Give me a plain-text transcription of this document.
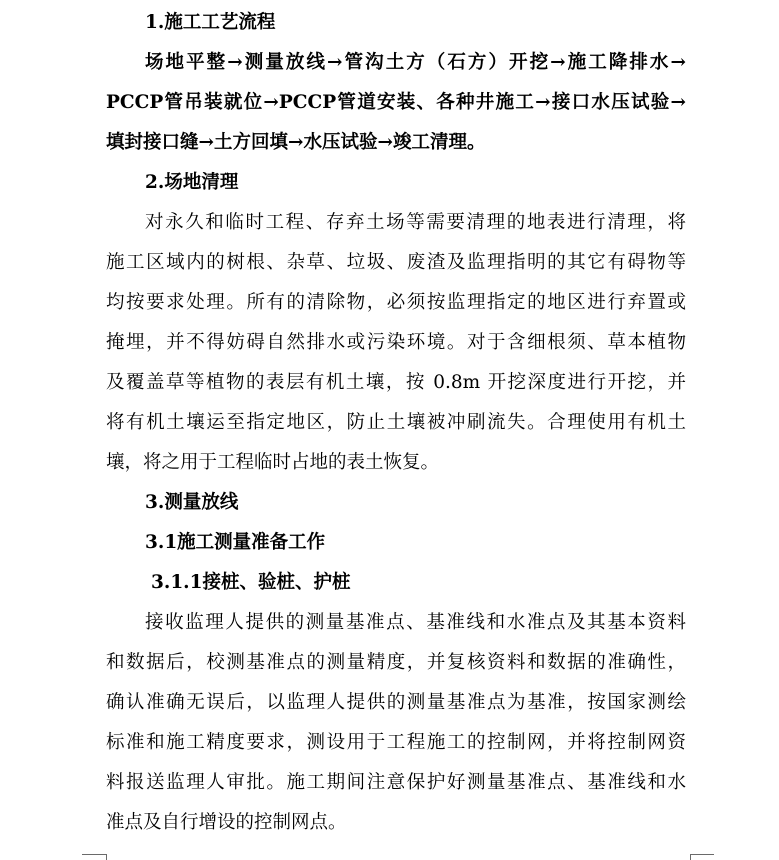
1.施工工艺流程
场地平整→测量放线→管沟土方（石方）开挖→施工降排水→
PCCP管吊装就位→PCCP管道安装、各种井施工→接口水压试验→
填封接口缝→土方回填→水压试验→竣工清理。
2.场地清理
对永久和临时工程、存弃土场等需要清理的地表进行清理，将
施工区域内的树根、杂草、垃圾、废渣及监理指明的其它有碍物等
均按要求处理。所有的清除物，必须按监理指定的地区进行弃置或
掩埋，并不得妨碍自然排水或污染环境。对于含细根须、草本植物
及覆盖草等植物的表层有机土壤，按 0.8m 开挖深度进行开挖，并
将有机土壤运至指定地区，防止土壤被冲刷流失。合理使用有机土
壤，将之用于工程临时占地的表土恢复。
3.测量放线
3.1施工测量准备工作
3.1.1接桩、验桩、护桩
接收监理人提供的测量基准点、基准线和水准点及其基本资料
和数据后，校测基准点的测量精度，并复核资料和数据的准确性，
确认准确无误后，以监理人提供的测量基准点为基准，按国家测绘
标准和施工精度要求，测设用于工程施工的控制网，并将控制网资
料报送监理人审批。施工期间注意保护好测量基准点、基准线和水
准点及自行增设的控制网点。
